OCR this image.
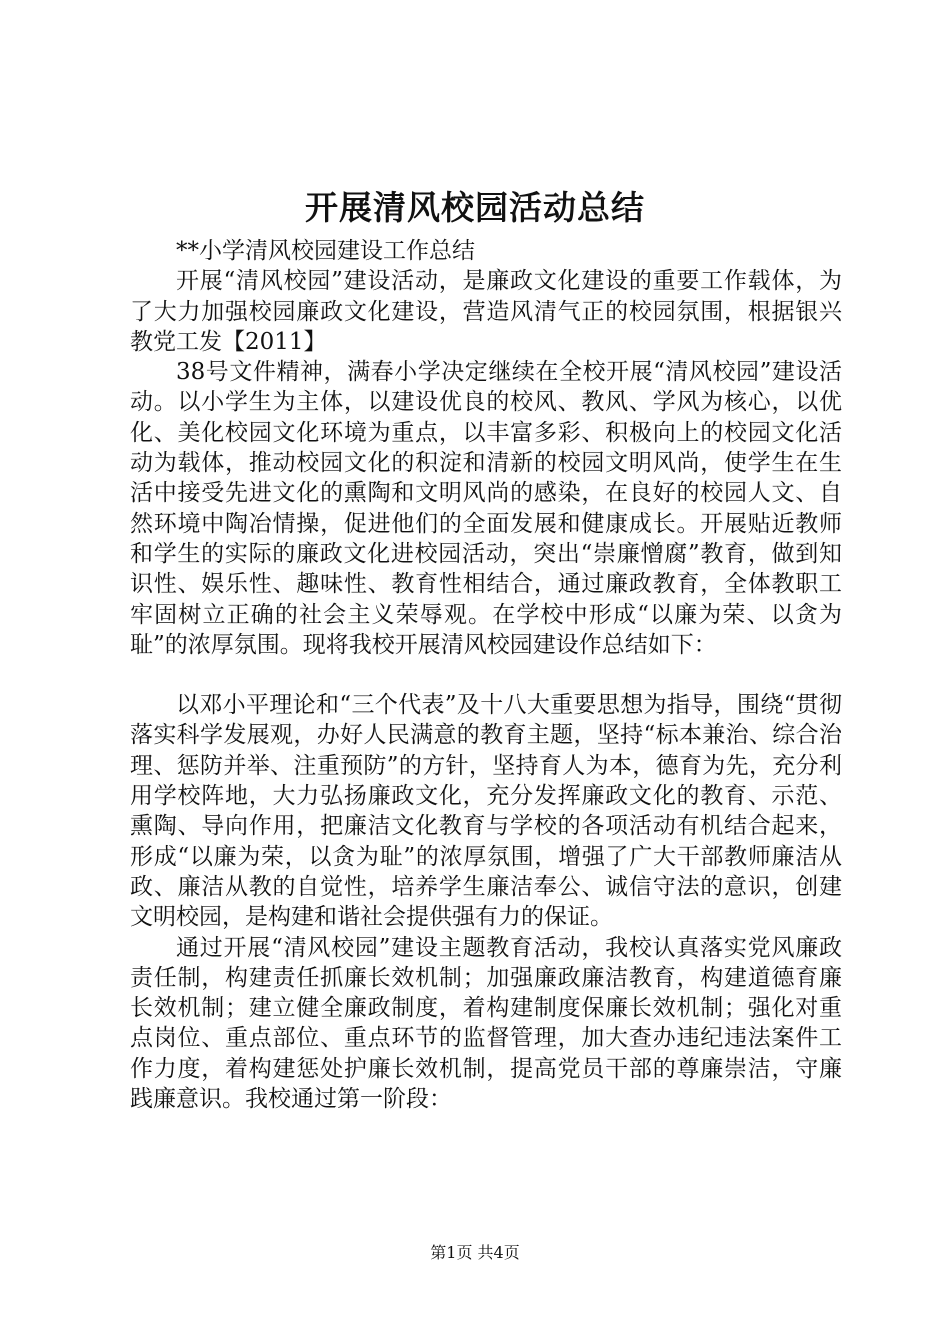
开展清风校园活动总结

**小学清风校园建设工作总结

开展“清风校园”建设活动，是廉政文化建设的重要工作载体，为了大力加强校园廉政文化建设，营造风清气正的校园氛围，根据银兴教党工发【2011】

38号文件精神，满春小学决定继续在全校开展“清风校园”建设活动。以小学生为主体，以建设优良的校风、教风、学风为核心，以优化、美化校园文化环境为重点，以丰富多彩、积极向上的校园文化活动为载体，推动校园文化的积淀和清新的校园文明风尚，使学生在生活中接受先进文化的熏陶和文明风尚的感染，在良好的校园人文、自然环境中陶冶情操，促进他们的全面发展和健康成长。开展贴近教师和学生的实际的廉政文化进校园活动，突出“崇廉憎腐”教育，做到知识性、娱乐性、趣味性、教育性相结合，通过廉政教育，全体教职工牢固树立正确的社会主义荣辱观。在学校中形成“以廉为荣、以贪为耻”的浓厚氛围。现将我校开展清风校园建设作总结如下：

以邓小平理论和“三个代表”及十八大重要思想为指导，围绕“贯彻落实科学发展观，办好人民满意的教育主题，坚持“标本兼治、综合治理、惩防并举、注重预防”的方针，坚持育人为本，德育为先，充分利用学校阵地，大力弘扬廉政文化，充分发挥廉政文化的教育、示范、熏陶、导向作用，把廉洁文化教育与学校的各项活动有机结合起来，形成“以廉为荣，以贪为耻”的浓厚氛围，增强了广大干部教师廉洁从政、廉洁从教的自觉性，培养学生廉洁奉公、诚信守法的意识，创建文明校园，是构建和谐社会提供强有力的保证。

通过开展“清风校园”建设主题教育活动，我校认真落实党风廉政责任制，构建责任抓廉长效机制；加强廉政廉洁教育，构建道德育廉长效机制；建立健全廉政制度，着构建制度保廉长效机制；强化对重点岗位、重点部位、重点环节的监督管理，加大查办违纪违法案件工作力度，着构建惩处护廉长效机制，提高党员干部的尊廉崇洁，守廉践廉意识。我校通过第一阶段：

第1页 共4页
